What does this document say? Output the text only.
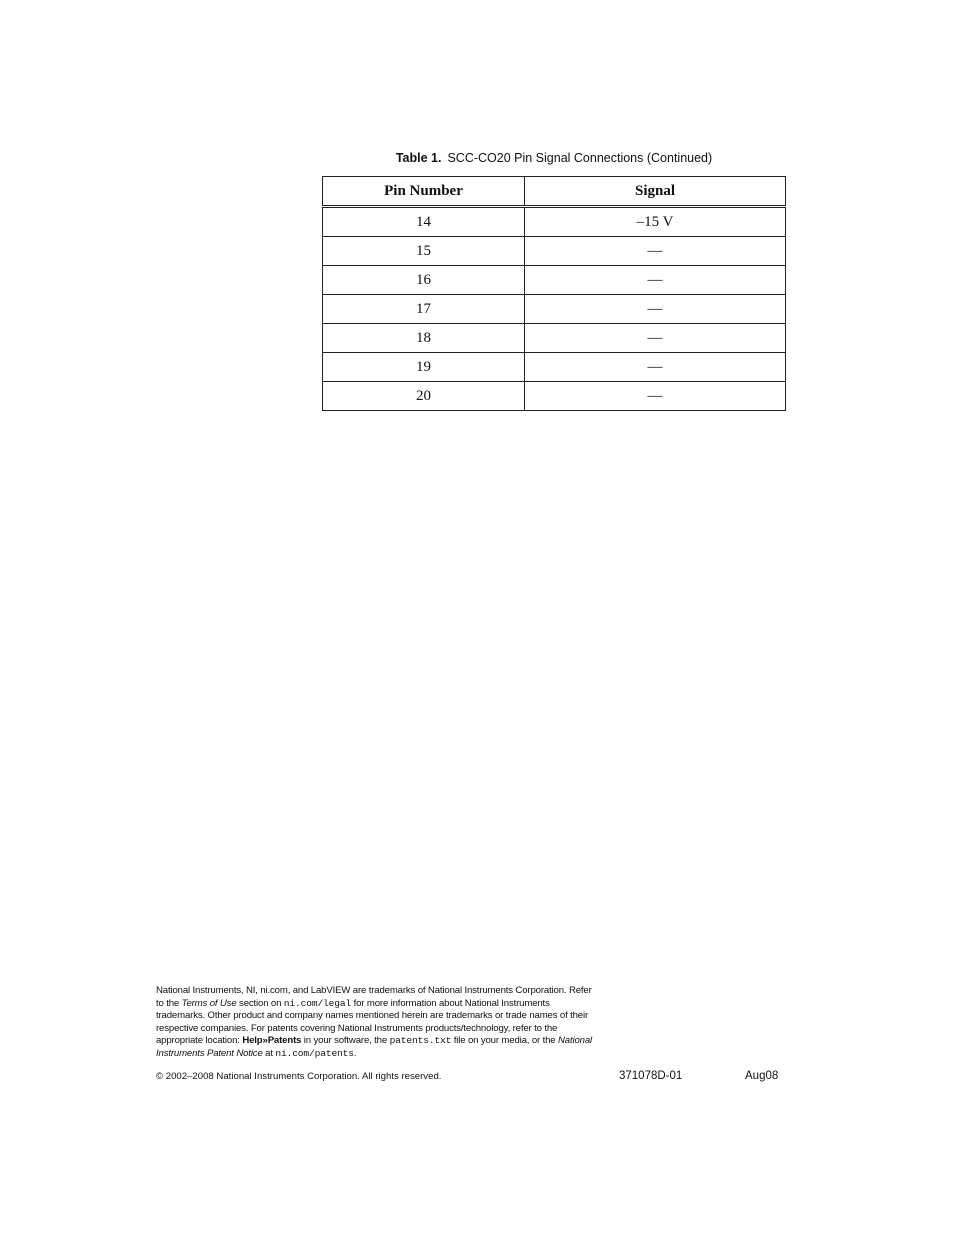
Table 1. SCC-CO20 Pin Signal Connections (Continued)
Pin Number	Signal
14	–15 V
15	—
16	—
17	—
18	—
19	—
20	—
National Instruments, NI, ni.com, and LabVIEW are trademarks of National Instruments Corporation. Refer to the Terms of Use section on ni.com/legal for more information about National Instruments trademarks. Other product and company names mentioned herein are trademarks or trade names of their respective companies. For patents covering National Instruments products/technology, refer to the appropriate location: Help»Patents in your software, the patents.txt file on your media, or the National Instruments Patent Notice at ni.com/patents.
© 2002–2008 National Instruments Corporation. All rights reserved.	371078D-01	Aug08
